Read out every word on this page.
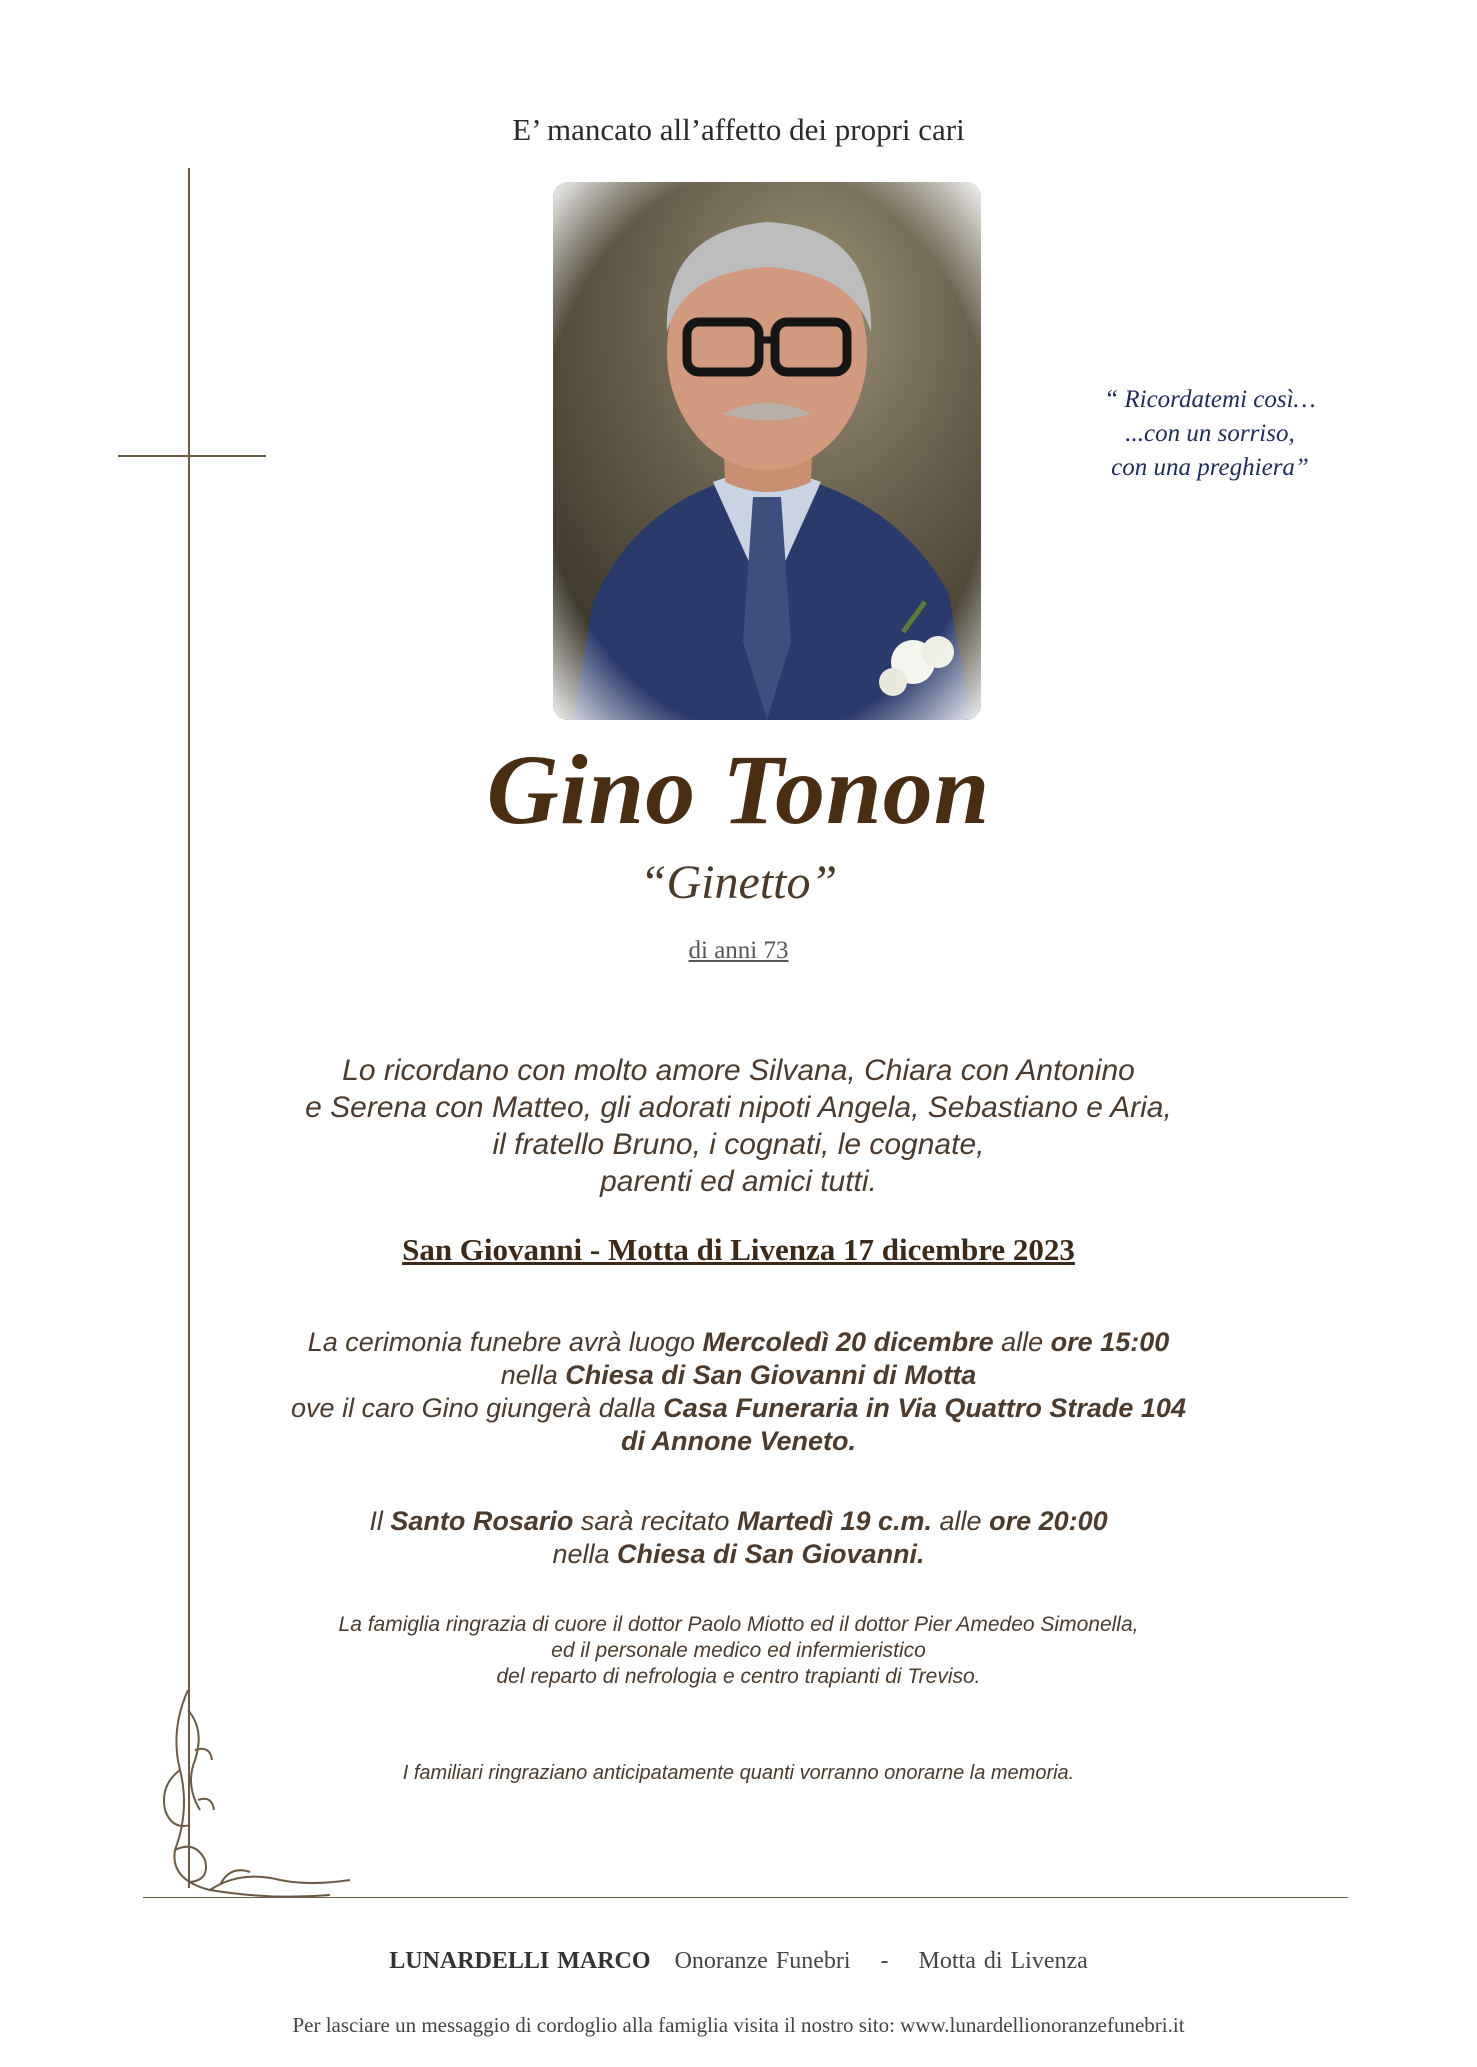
E’ mancato all’affetto dei propri cari
“ Ricordatemi così…
...con un sorriso,
con una preghiera”
Gino Tonon
“Ginetto”
di anni 73
Lo ricordano con molto amore Silvana, Chiara con Antonino
e Serena con Matteo, gli adorati nipoti Angela, Sebastiano e Aria,
il fratello Bruno, i cognati, le cognate,
parenti ed amici tutti.
San Giovanni - Motta di Livenza 17 dicembre 2023
La cerimonia funebre avrà luogo Mercoledì 20 dicembre alle ore 15:00
nella Chiesa di San Giovanni di Motta
ove il caro Gino giungerà dalla Casa Funeraria in Via Quattro Strade 104
di Annone Veneto.
Il Santo Rosario sarà recitato Martedì 19 c.m. alle ore 20:00
nella Chiesa di San Giovanni.
La famiglia ringrazia di cuore il dottor Paolo Miotto ed il dottor Pier Amedeo Simonella,
ed il personale medico ed infermieristico
del reparto di nefrologia e centro trapianti di Treviso.
I familiari ringraziano anticipatamente quanti vorranno onorarne la memoria.
LUNARDELLI MARCO Onoranze Funebri - Motta di Livenza
Per lasciare un messaggio di cordoglio alla famiglia visita il nostro sito: www.lunardellionoranzefunebri.it
